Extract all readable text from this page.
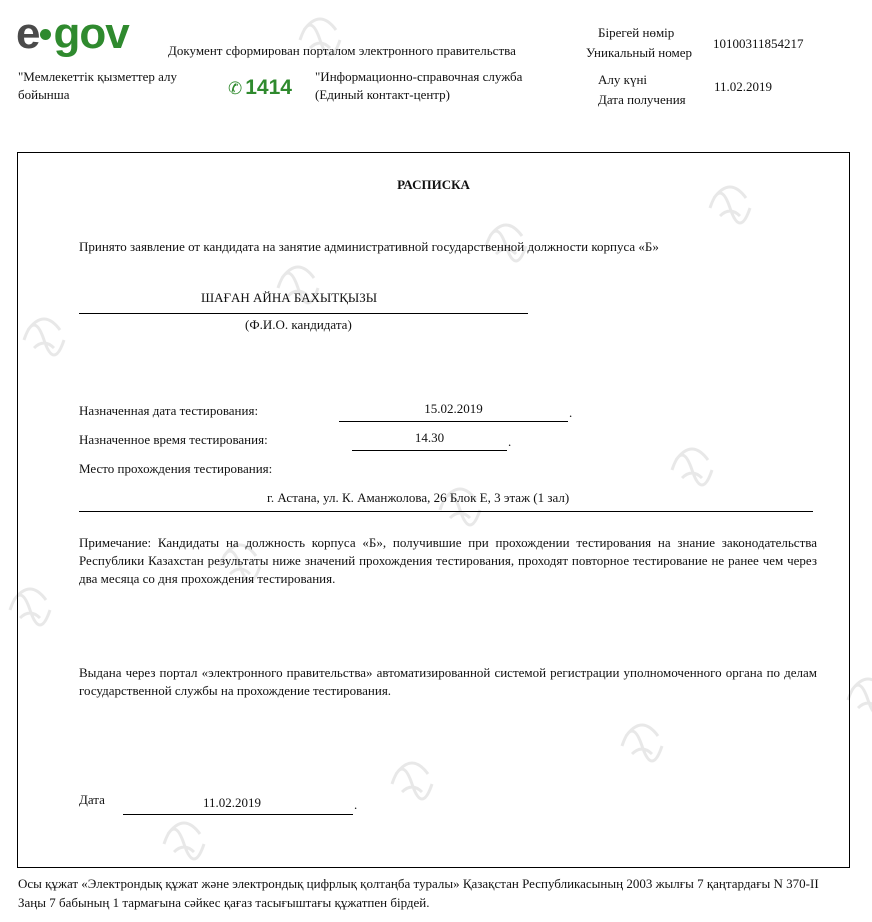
e gov	Документ сформирован порталом электронного правительства
"Мемлекеттік қызметтер алу
бойынша	✆ 1414 "Информационно-справочная служба
(Единый контакт-центр)
Бірегей нөмір
Уникальный номер
10100311854217
Алу күні
Дата получения
11.02.2019
РАСПИСКА
Принято заявление от кандидата на занятие административной государственной должности корпуса «Б»
ШАҒАН АЙНА БАХЫТҚЫЗЫ
(Ф.И.О. кандидата)
Назначенная дата тестирования:	15.02.2019	.
Назначенное время тестирования:	14.30	.
Место прохождения тестирования:
г. Астана, ул. К. Аманжолова, 26 Блок Е, 3 этаж (1 зал)
Примечание: Кандидаты на должность корпуса «Б», получившие при прохождении тестирования на знание законодательства Республики Казахстан результаты ниже значений прохождения тестирования, проходят повторное тестирование не ранее чем через два месяца со дня прохождения тестирования.
Выдана через портал «электронного правительства» автоматизированной системой регистрации уполномоченного органа по делам государственной службы на прохождение тестирования.
Дата	11.02.2019	.
Осы құжат «Электрондық құжат және электрондық цифрлық қолтаңба туралы» Қазақстан Республикасының 2003 жылғы 7 қаңтардағы N 370-II Заңы 7 бабының 1 тармағына сәйкес қағаз тасығыштағы құжатпен бірдей.
